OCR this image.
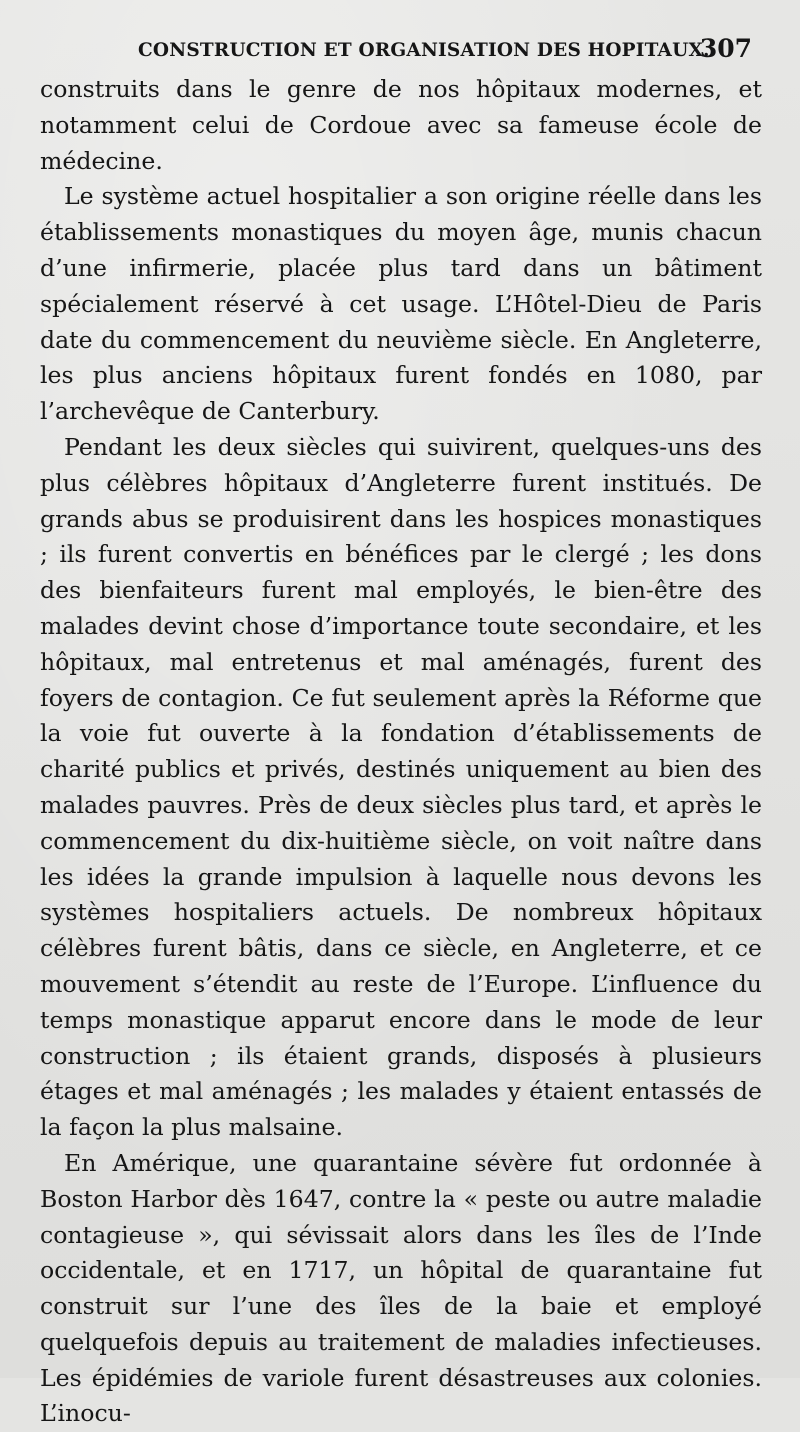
CONSTRUCTION ET ORGANISATION DES HOPITAUX.
307

construits dans le genre de nos hôpitaux modernes, et notamment celui de Cordoue avec sa fameuse école de médecine.

Le système actuel hospitalier a son origine réelle dans les établissements monastiques du moyen âge, munis chacun d’une infirmerie, placée plus tard dans un bâtiment spécialement réservé à cet usage. L’Hôtel-Dieu de Paris date du commencement du neuvième siècle. En Angleterre, les plus anciens hôpitaux furent fondés en 1080, par l’archevêque de Canterbury.

Pendant les deux siècles qui suivirent, quelques-uns des plus célèbres hôpitaux d’Angleterre furent institués. De grands abus se produisirent dans les hospices monastiques ; ils furent convertis en bénéfices par le clergé ; les dons des bienfaiteurs furent mal employés, le bien-être des malades devint chose d’importance toute secondaire, et les hôpitaux, mal entretenus et mal aménagés, furent des foyers de contagion. Ce fut seulement après la Réforme que la voie fut ouverte à la fondation d’établissements de charité publics et privés, destinés uniquement au bien des malades pauvres. Près de deux siècles plus tard, et après le commencement du dix-huitième siècle, on voit naître dans les idées la grande impulsion à laquelle nous devons les systèmes hospitaliers actuels. De nombreux hôpitaux célèbres furent bâtis, dans ce siècle, en Angleterre, et ce mouvement s’étendit au reste de l’Europe. L’influence du temps monastique apparut encore dans le mode de leur construction ; ils étaient grands, disposés à plusieurs étages et mal aménagés ; les malades y étaient entassés de la façon la plus malsaine.

En Amérique, une quarantaine sévère fut ordonnée à Boston Harbor dès 1647, contre la « peste ou autre maladie contagieuse », qui sévissait alors dans les îles de l’Inde occidentale, et en 1717, un hôpital de quarantaine fut construit sur l’une des îles de la baie et employé quelquefois depuis au traitement de maladies infectieuses. Les épidémies de variole furent désastreuses aux colonies. L’inocu-
